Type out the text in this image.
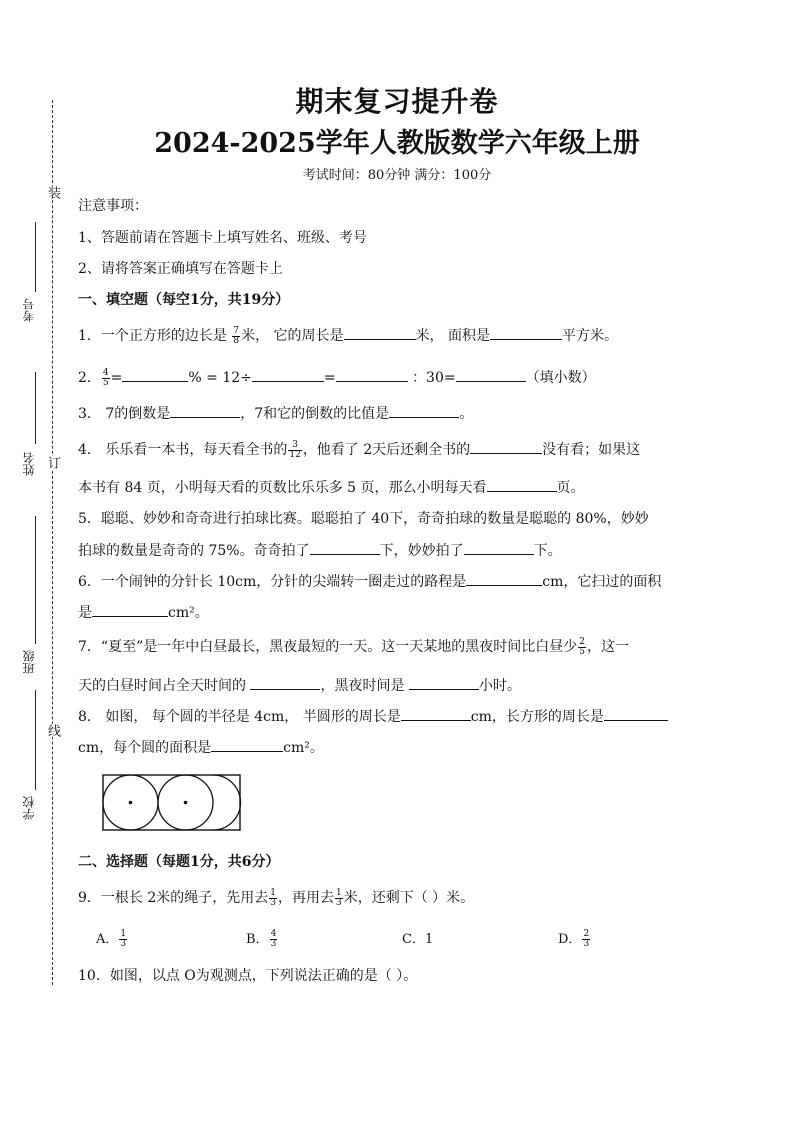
装
订
线
考号
姓名
班级
学校
期末复习提升卷
2024-2025学年人教版数学六年级上册
考试时间：80分钟 满分：100分
注意事项：
1、答题前请在答题卡上填写姓名、班级、考号
2、请将答案正确填写在答题卡上
一、填空题（每空1分，共19分）
1．一个正方形的边长是 $\frac{7}{8}$ 米， 它的周长是	米， 面积是	平方米。
2． $\frac{4}{5}$ =	% = 12÷	=	：30=	（填小数）
3． 7的倒数是	，7和它的倒数的比值是	。
4． 乐乐看一本书，每天看全书的 $\frac{3}{12}$ ，他看了 2天后还剩全书的	没有看；如果这
本书有 84 页，小明每天看的页数比乐乐多 5 页，那么小明每天看	页。
5．聪聪、妙妙和奇奇进行拍球比赛。聪聪拍了 40下，奇奇拍球的数量是聪聪的 80%，妙妙
拍球的数量是奇奇的 75%。奇奇拍了	下，妙妙拍了	下。
6．一个闹钟的分针长 10cm，分针的尖端转一圈走过的路程是	cm，它扫过的面积
是	cm²。
7．“夏至”是一年中白昼最长，黑夜最短的一天。这一天某地的黑夜时间比白昼少 $\frac{2}{5}$ ，这一
天的白昼时间占全天时间的	，黑夜时间是	小时。
8． 如图， 每个圆的半径是 4cm， 半圆形的周长是	cm，长方形的周长是
cm，每个圆的面积是	cm²。
二、选择题（每题1分，共6分）
9．一根长 2米的绳子，先用去 $\frac{1}{3}$ ，再用去 $\frac{1}{3}$ 米，还剩下（ ）米。
A． $\frac{1}{3}$	B． $\frac{4}{3}$	C．1	D． $\frac{2}{3}$
10．如图，以点 O为观测点，下列说法正确的是（ ）。
